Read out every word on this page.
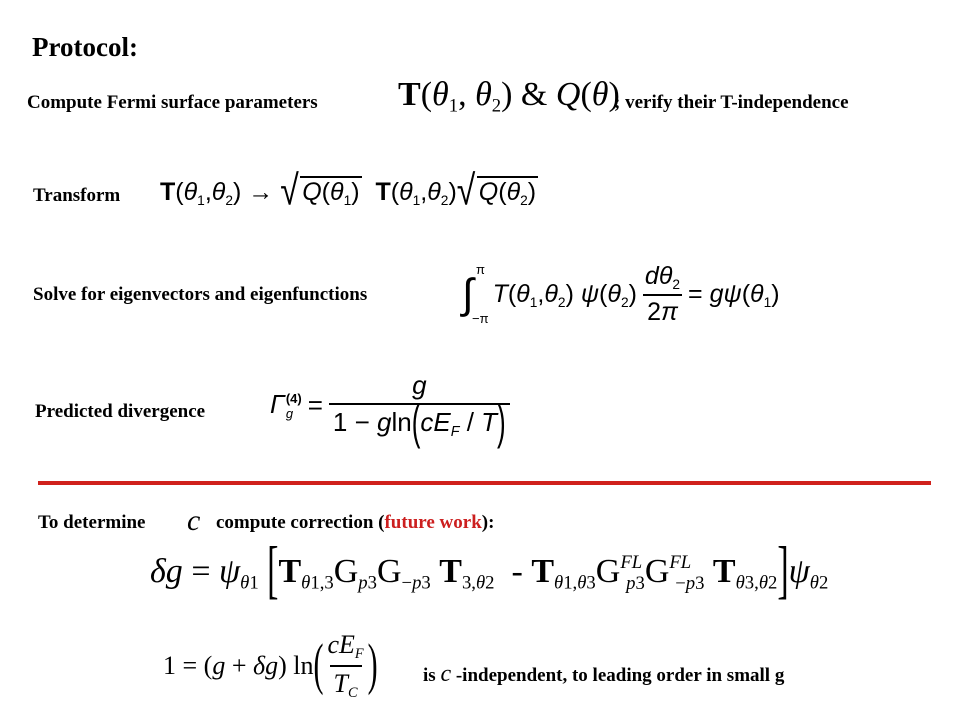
Protocol:
Compute Fermi surface parameters $T(\theta_1$, $\theta_2$) & Q(θ)
; verify their T-independence
Transform $T(\theta_1,\theta_2)$ → √ $Q(\theta_1)$ $T(\theta_1,\theta_2)$ √ $Q(\theta_2)$
Solve for eigenvectors and eigenfunctions
π
∫
−π
$T(\theta_1,\theta_2)$ $\psi(\theta_2) \frac{d\theta_2}{2\pi} = g\psi(\theta_1)$
Predicted divergence Γ (4)
$g = \frac{g}{1 - gln(cE_F / T)}$
To determine c compute correction (future work):
$\delta g = \psi_{\theta 1}$ [$T_{\theta 1,3}G_{p3}G_{-p3}$ $T_{3,\theta 2} - T_{\theta 1,\theta 3}G^{FL}_{p3}G^{FL}_{-p3}$ $T_{\theta 3,\theta 2}]\psi_{\theta 2}$
1 = (g + δg) ln ( $\frac{cE_F}{T_C}$ ) is c -independent, to leading order in small g
